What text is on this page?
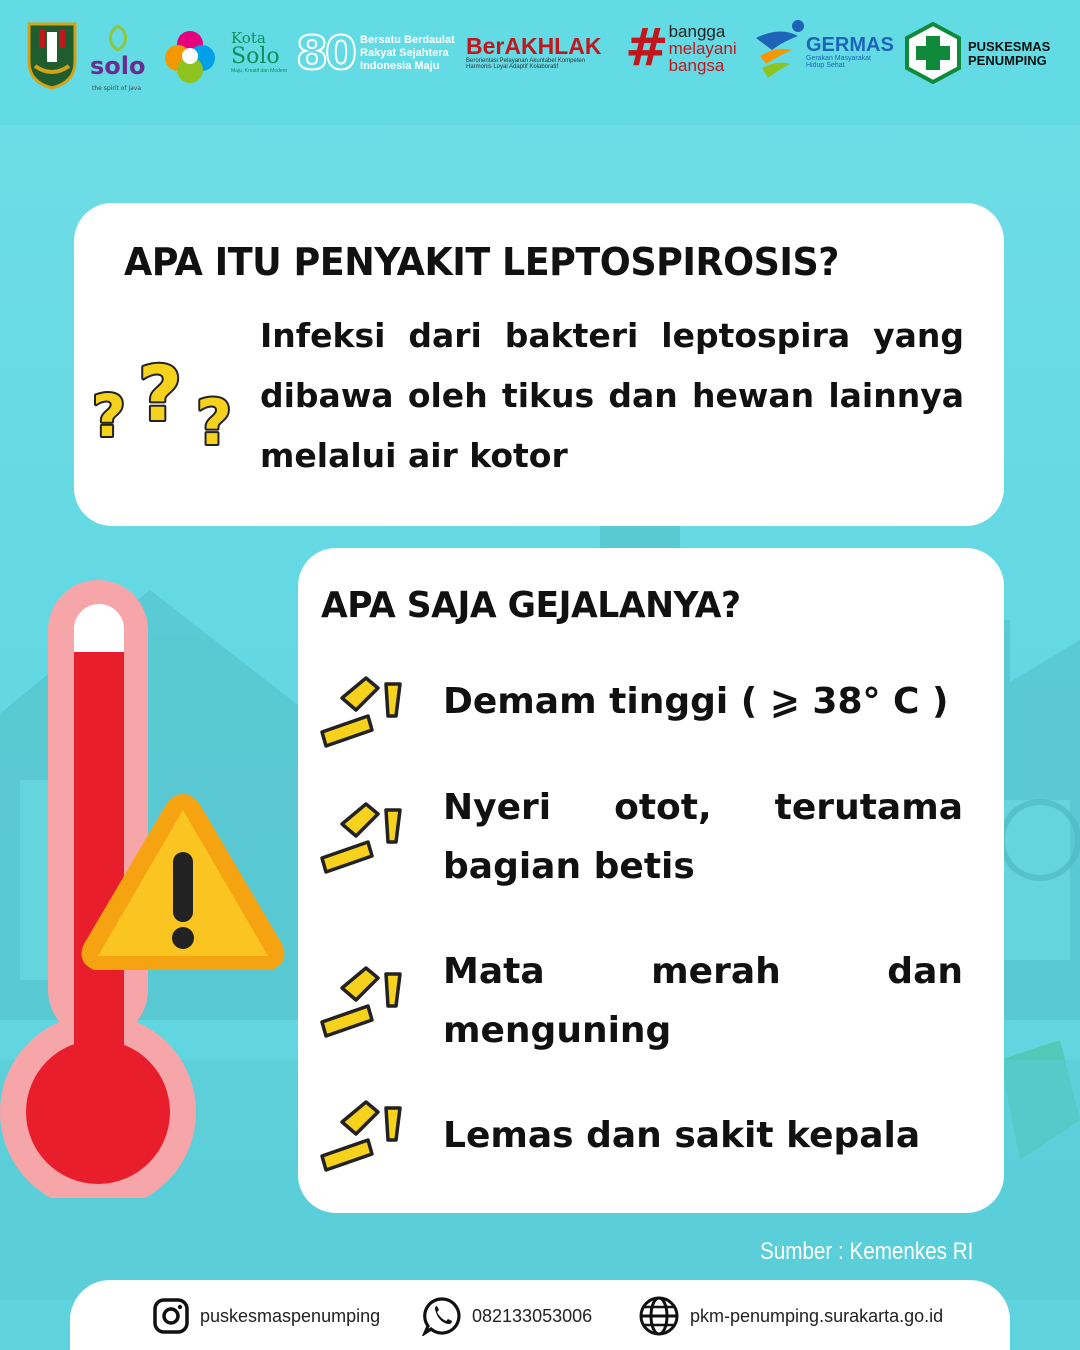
solo
the spirit of java
Kota
Solo
Maju, Kreatif dan Modern 80 Bersatu Berdaulat
Rakyat Sejahtera
Indonesia Maju
BerAKHLAK
Berorientasi Pelayanan Akuntabel Kompeten
Harmonis Loyal Adaptif Kolaboratif	# bangga
melayani
bangsa
GERMAS
Gerakan Masyarakat
Hidup Sehat
PUSKESMAS
PENUMPING
APA ITU PENYAKIT LEPTOSPIROSIS?
? ? ?
Infeksi dari bakteri leptospira yang dibawa oleh tikus dan hewan lainnya melalui air kotor
APA SAJA GEJALANYA?
Demam tinggi ( ⩾ 38° C )
Nyeri otot, terutama bagian betis
Mata merah dan menguning
Lemas dan sakit kepala
Sumber : Kemenkes RI
puskesmaspenumping	082133053006	pkm-penumping.surakarta.go.id
